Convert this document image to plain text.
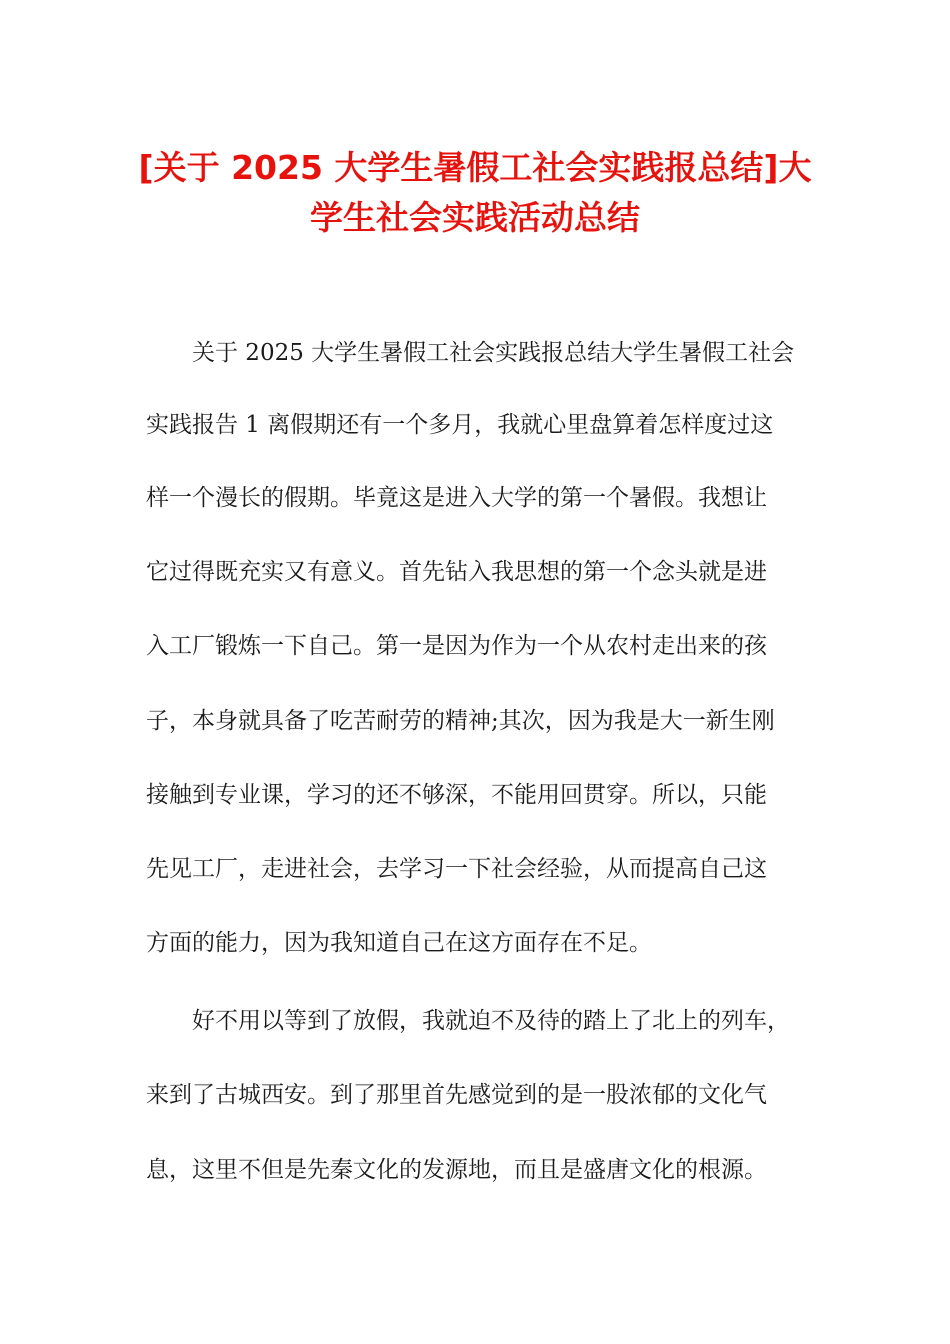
[关于 2025 大学生暑假工社会实践报总结]大
学生社会实践活动总结
　　关于 2025 大学生暑假工社会实践报总结大学生暑假工社会
实践报告 1 离假期还有一个多月，我就心里盘算着怎样度过这
样一个漫长的假期。毕竟这是进入大学的第一个暑假。我想让
它过得既充实又有意义。首先钻入我思想的第一个念头就是进
入工厂锻炼一下自己。第一是因为作为一个从农村走出来的孩
子，本身就具备了吃苦耐劳的精神;其次，因为我是大一新生刚
接触到专业课，学习的还不够深，不能用回贯穿。所以，只能
先见工厂，走进社会，去学习一下社会经验，从而提高自己这
方面的能力，因为我知道自己在这方面存在不足。
　　好不用以等到了放假，我就迫不及待的踏上了北上的列车，
来到了古城西安。到了那里首先感觉到的是一股浓郁的文化气
息，这里不但是先秦文化的发源地，而且是盛唐文化的根源。
